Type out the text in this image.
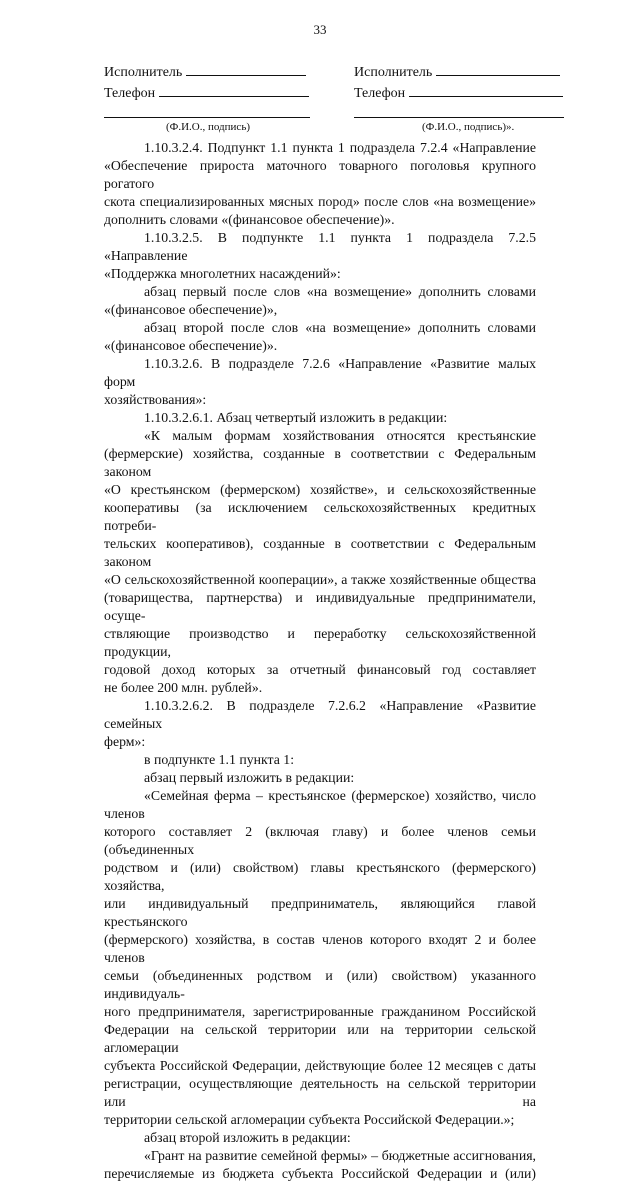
33
Исполнитель
Телефон
(Ф.И.О., подпись)
Исполнитель
Телефон
(Ф.И.О., подпись)».

1.10.3.2.4. Подпункт 1.1 пункта 1 подраздела 7.2.4 «Направление

«Обеспечение прироста маточного товарного поголовья крупного рогатого

скота специализированных мясных пород» после слов «на возмещение»

дополнить словами «(финансовое обеспечение)».

1.10.3.2.5. В подпункте 1.1 пункта 1 подраздела 7.2.5 «Направление

«Поддержка многолетних насаждений»:

абзац первый после слов «на возмещение» дополнить словами

«(финансовое обеспечение)»,

абзац второй после слов «на возмещение» дополнить словами

«(финансовое обеспечение)».

1.10.3.2.6. В подразделе 7.2.6 «Направление «Развитие малых форм

хозяйствования»:

1.10.3.2.6.1. Абзац четвертый изложить в редакции:

«К малым формам хозяйствования относятся крестьянские

(фермерские) хозяйства, созданные в соответствии с Федеральным законом

«О крестьянском (фермерском) хозяйстве», и сельскохозяйственные

кооперативы (за исключением сельскохозяйственных кредитных потреби-

тельских кооперативов), созданные в соответствии с Федеральным законом

«О сельскохозяйственной кооперации», а также хозяйственные общества

(товарищества, партнерства) и индивидуальные предприниматели, осуще-

ствляющие производство и переработку сельскохозяйственной продукции,

годовой доход которых за отчетный финансовый год составляет

не более 200 млн. рублей».

1.10.3.2.6.2. В подразделе 7.2.6.2 «Направление «Развитие семейных

ферм»:

в подпункте 1.1 пункта 1:

абзац первый изложить в редакции:

«Семейная ферма – крестьянское (фермерское) хозяйство, число членов

которого составляет 2 (включая главу) и более членов семьи (объединенных

родством и (или) свойством) главы крестьянского (фермерского) хозяйства,

или индивидуальный предприниматель, являющийся главой крестьянского

(фермерского) хозяйства, в состав членов которого входят 2 и более членов

семьи (объединенных родством и (или) свойством) указанного индивидуаль-

ного предпринимателя, зарегистрированные гражданином Российской

Федерации на сельской территории или на территории сельской агломерации

субъекта Российской Федерации, действующие более 12 месяцев с даты

регистрации, осуществляющие деятельность на сельской территории или на

территории сельской агломерации субъекта Российской Федерации.»;

абзац второй изложить в редакции:

«Грант на развитие семейной фермы» – бюджетные ассигнования,

перечисляемые из бюджета субъекта Российской Федерации и (или)
